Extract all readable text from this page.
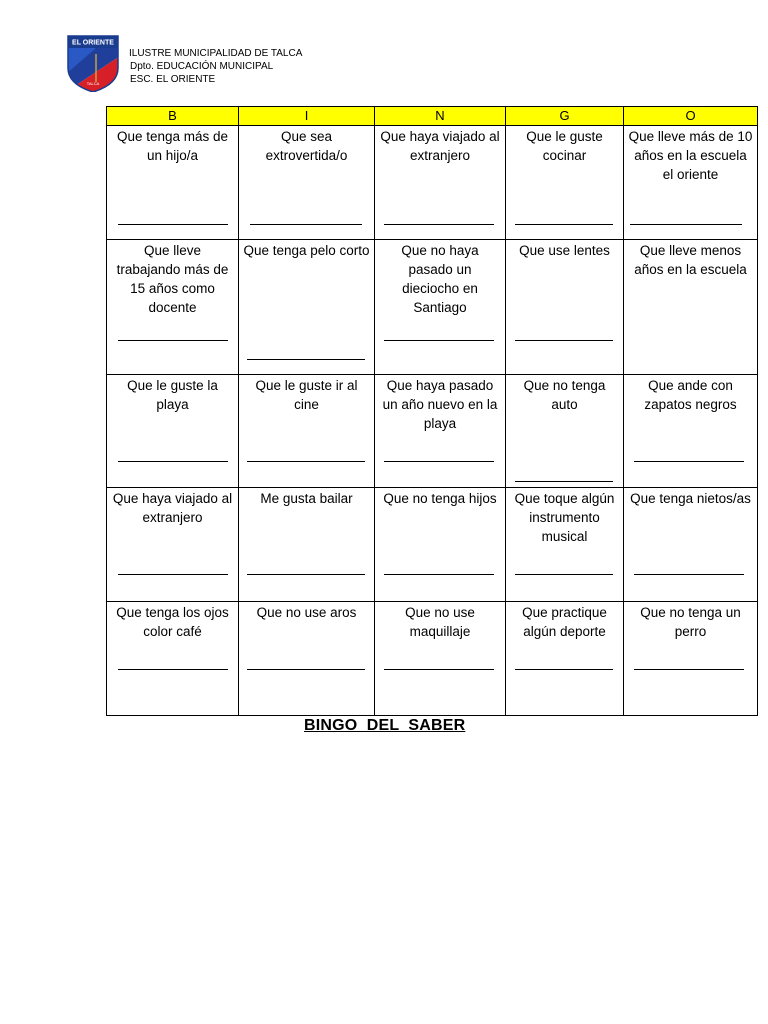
EL ORIENTE
TALCA
ILUSTRE MUNICIPALIDAD DE TALCA
Dpto. EDUCACIÓN MUNICIPAL
ESC. EL ORIENTE
B	I	N	G	O

Que tenga más de un hijo/a	Que sea extrovertida/o	Que haya viajado al extranjero	Que le guste cocinar	Que lleve más de 10 años en la escuela el oriente

Que lleve trabajando más de 15 años como docente	Que tenga pelo corto	Que no haya pasado un dieciocho en Santiago	Que use lentes	Que lleve menos años en la escuela

Que le guste la playa	Que le guste ir al cine	Que haya pasado un año nuevo en la playa	Que no tenga auto	Que ande con zapatos negros

Que haya viajado al extranjero	Me gusta bailar	Que no tenga hijos	Que toque algún instrumento musical	Que tenga nietos/as

Que tenga los ojos color café	Que no use aros	Que no use maquillaje	Que practique algún deporte	Que no tenga un perro
BINGO  DEL  SABER
